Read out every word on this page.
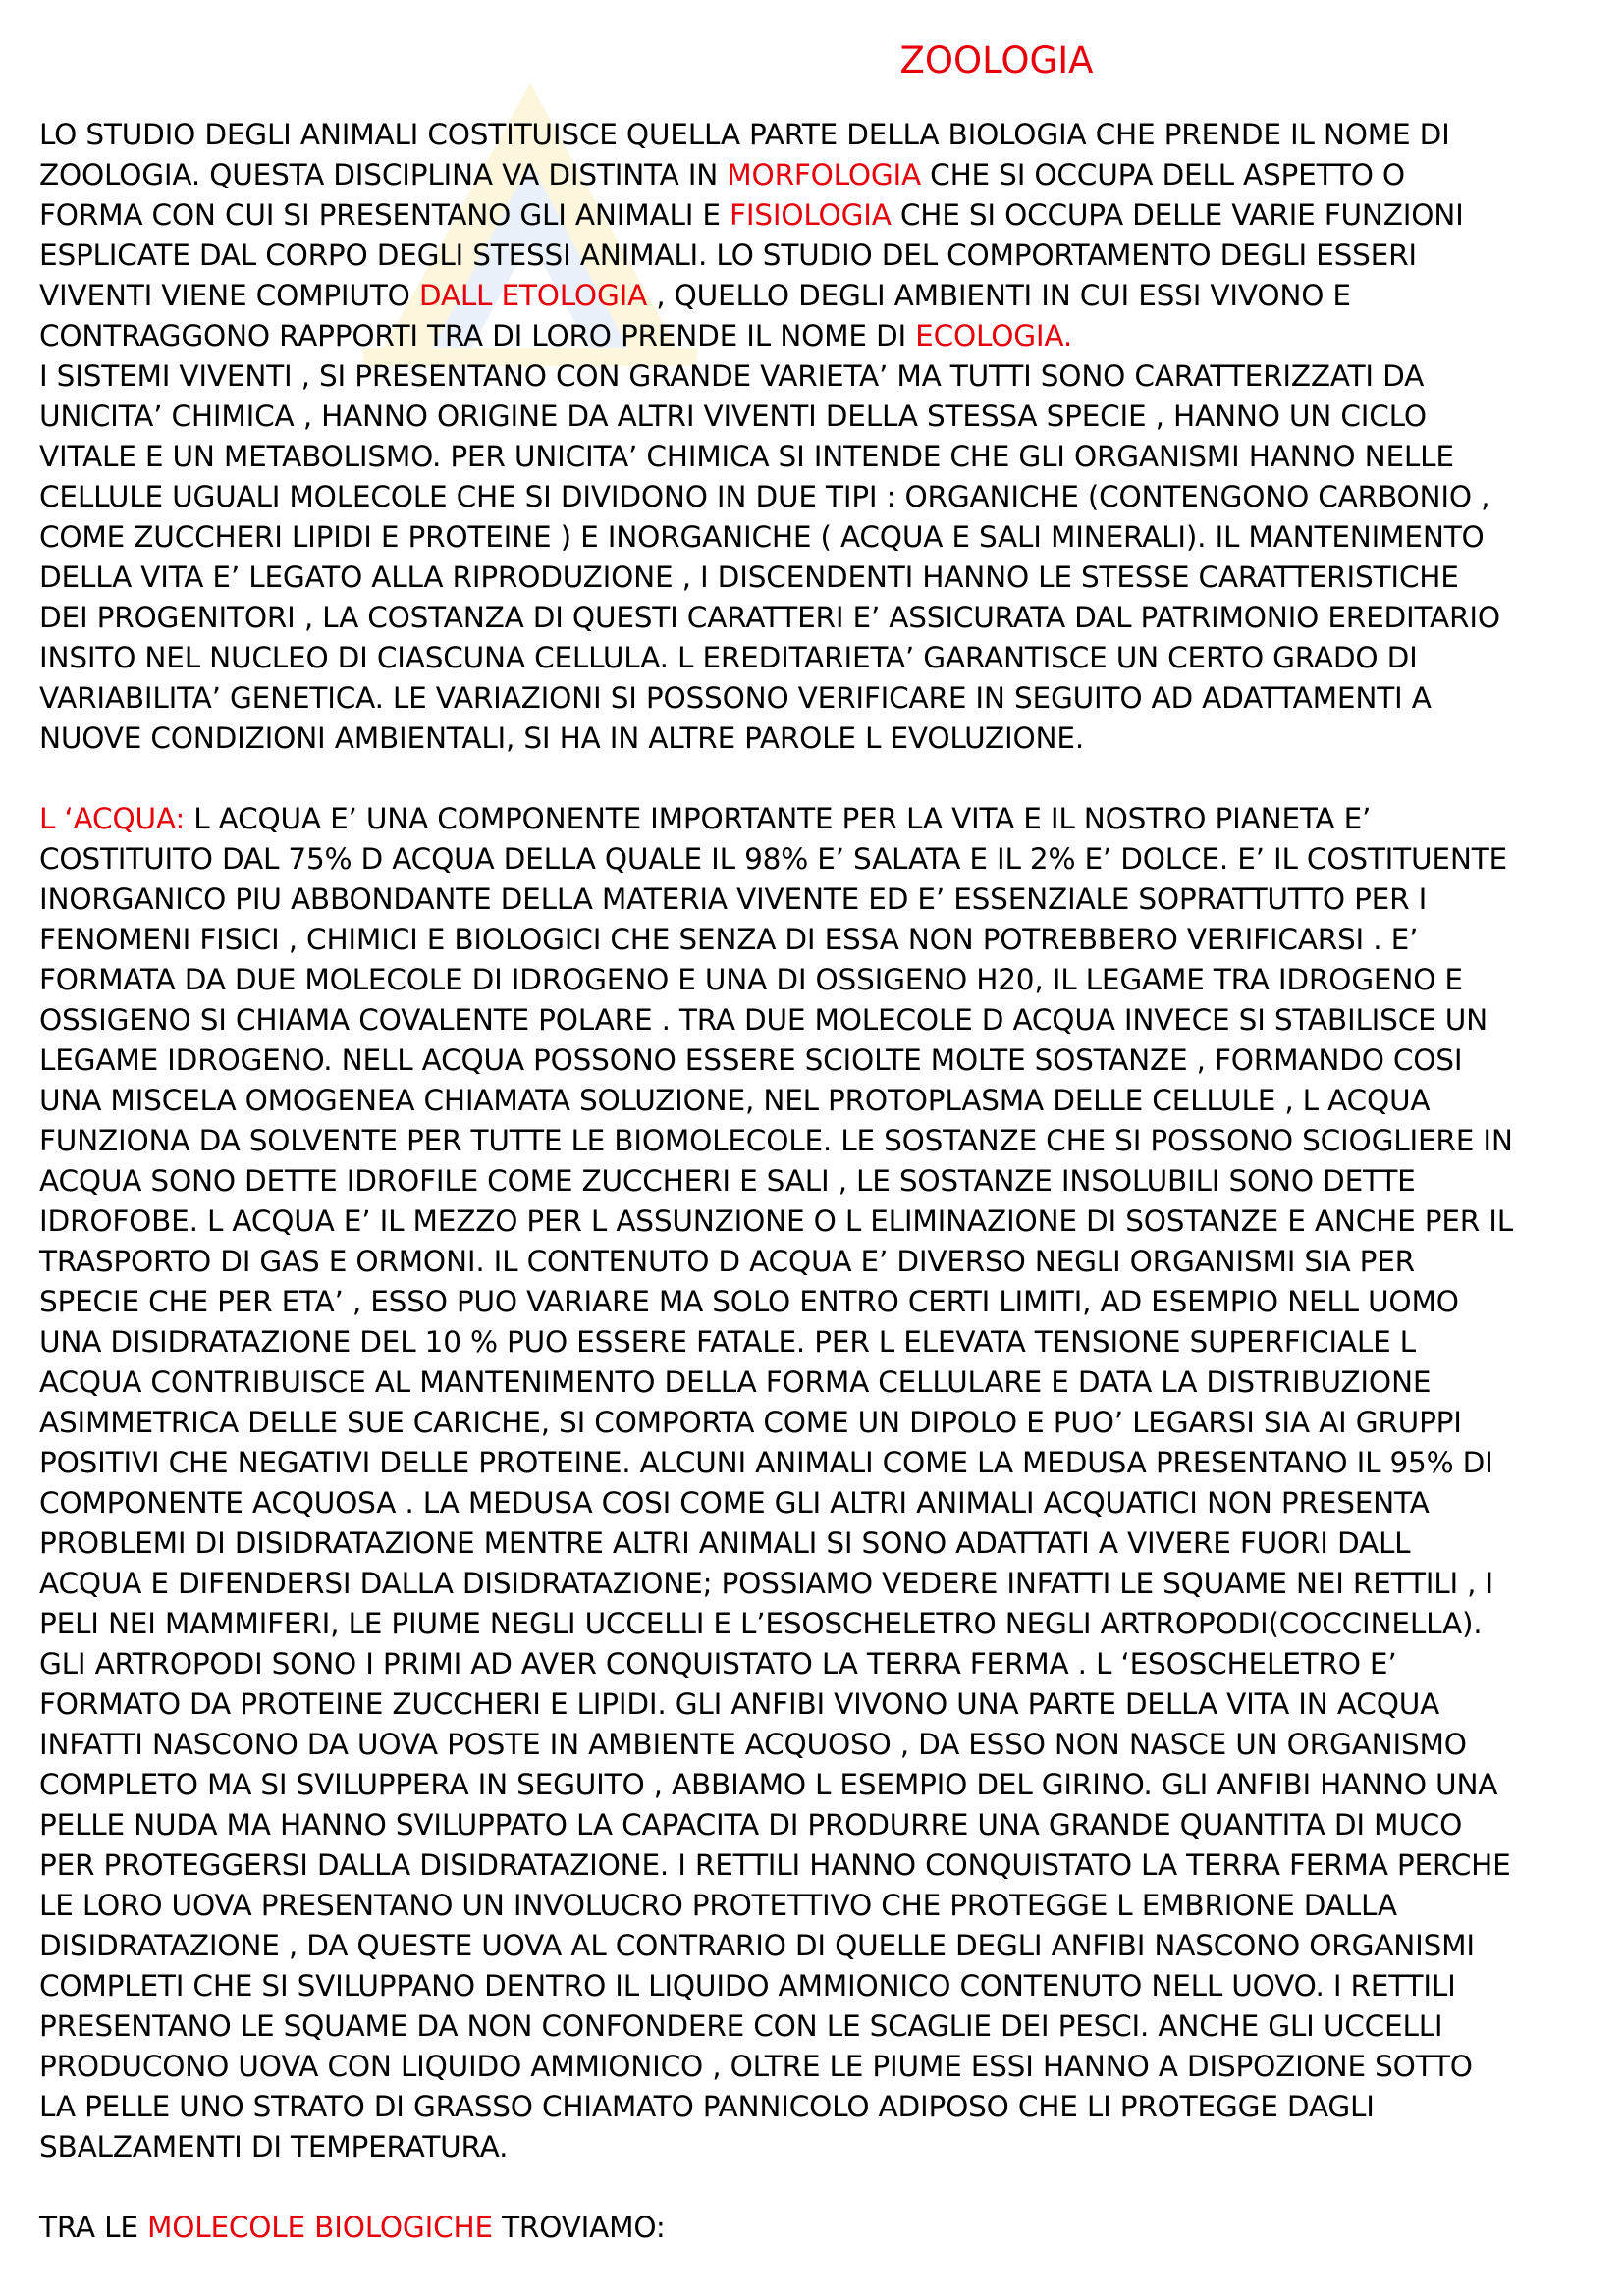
ZOOLOGIA
LO STUDIO DEGLI ANIMALI COSTITUISCE QUELLA PARTE DELLA BIOLOGIA CHE PRENDE IL NOME DI
ZOOLOGIA. QUESTA DISCIPLINA VA DISTINTA IN MORFOLOGIA CHE SI OCCUPA DELL ASPETTO O
FORMA CON CUI SI PRESENTANO GLI ANIMALI E FISIOLOGIA CHE SI OCCUPA DELLE VARIE FUNZIONI
ESPLICATE DAL CORPO DEGLI STESSI ANIMALI. LO STUDIO DEL COMPORTAMENTO DEGLI ESSERI
VIVENTI VIENE COMPIUTO DALL ETOLOGIA , QUELLO DEGLI AMBIENTI IN CUI ESSI VIVONO E
CONTRAGGONO RAPPORTI TRA DI LORO PRENDE IL NOME DI ECOLOGIA.
I SISTEMI VIVENTI , SI PRESENTANO CON GRANDE VARIETA’ MA TUTTI SONO CARATTERIZZATI DA
UNICITA’ CHIMICA , HANNO ORIGINE DA ALTRI VIVENTI DELLA STESSA SPECIE , HANNO UN CICLO
VITALE E UN METABOLISMO. PER UNICITA’ CHIMICA SI INTENDE CHE GLI ORGANISMI HANNO NELLE
CELLULE UGUALI MOLECOLE CHE SI DIVIDONO IN DUE TIPI : ORGANICHE (CONTENGONO CARBONIO ,
COME ZUCCHERI LIPIDI E PROTEINE ) E INORGANICHE ( ACQUA E SALI MINERALI). IL MANTENIMENTO
DELLA VITA E’ LEGATO ALLA RIPRODUZIONE , I DISCENDENTI HANNO LE STESSE CARATTERISTICHE
DEI PROGENITORI , LA COSTANZA DI QUESTI CARATTERI E’ ASSICURATA DAL PATRIMONIO EREDITARIO
INSITO NEL NUCLEO DI CIASCUNA CELLULA. L EREDITARIETA’ GARANTISCE UN CERTO GRADO DI
VARIABILITA’ GENETICA. LE VARIAZIONI SI POSSONO VERIFICARE IN SEGUITO AD ADATTAMENTI A
NUOVE CONDIZIONI AMBIENTALI, SI HA IN ALTRE PAROLE L EVOLUZIONE.
L ‘ACQUA: L ACQUA E’ UNA COMPONENTE IMPORTANTE PER LA VITA E IL NOSTRO PIANETA E’
COSTITUITO DAL 75% D ACQUA DELLA QUALE IL 98% E’ SALATA E IL 2% E’ DOLCE. E’ IL COSTITUENTE
INORGANICO PIU ABBONDANTE DELLA MATERIA VIVENTE ED E’ ESSENZIALE SOPRATTUTTO PER I
FENOMENI FISICI , CHIMICI E BIOLOGICI CHE SENZA DI ESSA NON POTREBBERO VERIFICARSI . E’
FORMATA DA DUE MOLECOLE DI IDROGENO E UNA DI OSSIGENO H20, IL LEGAME TRA IDROGENO E
OSSIGENO SI CHIAMA COVALENTE POLARE . TRA DUE MOLECOLE D ACQUA INVECE SI STABILISCE UN
LEGAME IDROGENO. NELL ACQUA POSSONO ESSERE SCIOLTE MOLTE SOSTANZE , FORMANDO COSI
UNA MISCELA OMOGENEA CHIAMATA SOLUZIONE, NEL PROTOPLASMA DELLE CELLULE , L ACQUA
FUNZIONA DA SOLVENTE PER TUTTE LE BIOMOLECOLE. LE SOSTANZE CHE SI POSSONO SCIOGLIERE IN
ACQUA SONO DETTE IDROFILE COME ZUCCHERI E SALI , LE SOSTANZE INSOLUBILI SONO DETTE
IDROFOBE. L ACQUA E’ IL MEZZO PER L ASSUNZIONE O L ELIMINAZIONE DI SOSTANZE E ANCHE PER IL
TRASPORTO DI GAS E ORMONI. IL CONTENUTO D ACQUA E’ DIVERSO NEGLI ORGANISMI SIA PER
SPECIE CHE PER ETA’ , ESSO PUO VARIARE MA SOLO ENTRO CERTI LIMITI, AD ESEMPIO NELL UOMO
UNA DISIDRATAZIONE DEL 10 % PUO ESSERE FATALE. PER L ELEVATA TENSIONE SUPERFICIALE L
ACQUA CONTRIBUISCE AL MANTENIMENTO DELLA FORMA CELLULARE E DATA LA DISTRIBUZIONE
ASIMMETRICA DELLE SUE CARICHE, SI COMPORTA COME UN DIPOLO E PUO’ LEGARSI SIA AI GRUPPI
POSITIVI CHE NEGATIVI DELLE PROTEINE. ALCUNI ANIMALI COME LA MEDUSA PRESENTANO IL 95% DI
COMPONENTE ACQUOSA . LA MEDUSA COSI COME GLI ALTRI ANIMALI ACQUATICI NON PRESENTA
PROBLEMI DI DISIDRATAZIONE MENTRE ALTRI ANIMALI SI SONO ADATTATI A VIVERE FUORI DALL
ACQUA E DIFENDERSI DALLA DISIDRATAZIONE; POSSIAMO VEDERE INFATTI LE SQUAME NEI RETTILI , I
PELI NEI MAMMIFERI, LE PIUME NEGLI UCCELLI E L’ESOSCHELETRO NEGLI ARTROPODI(COCCINELLA).
GLI ARTROPODI SONO I PRIMI AD AVER CONQUISTATO LA TERRA FERMA . L ‘ESOSCHELETRO E’
FORMATO DA PROTEINE ZUCCHERI E LIPIDI. GLI ANFIBI VIVONO UNA PARTE DELLA VITA IN ACQUA
INFATTI NASCONO DA UOVA POSTE IN AMBIENTE ACQUOSO , DA ESSO NON NASCE UN ORGANISMO
COMPLETO MA SI SVILUPPERA IN SEGUITO , ABBIAMO L ESEMPIO DEL GIRINO. GLI ANFIBI HANNO UNA
PELLE NUDA MA HANNO SVILUPPATO LA CAPACITA DI PRODURRE UNA GRANDE QUANTITA DI MUCO
PER PROTEGGERSI DALLA DISIDRATAZIONE. I RETTILI HANNO CONQUISTATO LA TERRA FERMA PERCHE
LE LORO UOVA PRESENTANO UN INVOLUCRO PROTETTIVO CHE PROTEGGE L EMBRIONE DALLA
DISIDRATAZIONE , DA QUESTE UOVA AL CONTRARIO DI QUELLE DEGLI ANFIBI NASCONO ORGANISMI
COMPLETI CHE SI SVILUPPANO DENTRO IL LIQUIDO AMMIONICO CONTENUTO NELL UOVO. I RETTILI
PRESENTANO LE SQUAME DA NON CONFONDERE CON LE SCAGLIE DEI PESCI. ANCHE GLI UCCELLI
PRODUCONO UOVA CON LIQUIDO AMMIONICO , OLTRE LE PIUME ESSI HANNO A DISPOZIONE SOTTO
LA PELLE UNO STRATO DI GRASSO CHIAMATO PANNICOLO ADIPOSO CHE LI PROTEGGE DAGLI
SBALZAMENTI DI TEMPERATURA.
TRA LE MOLECOLE BIOLOGICHE TROVIAMO:
